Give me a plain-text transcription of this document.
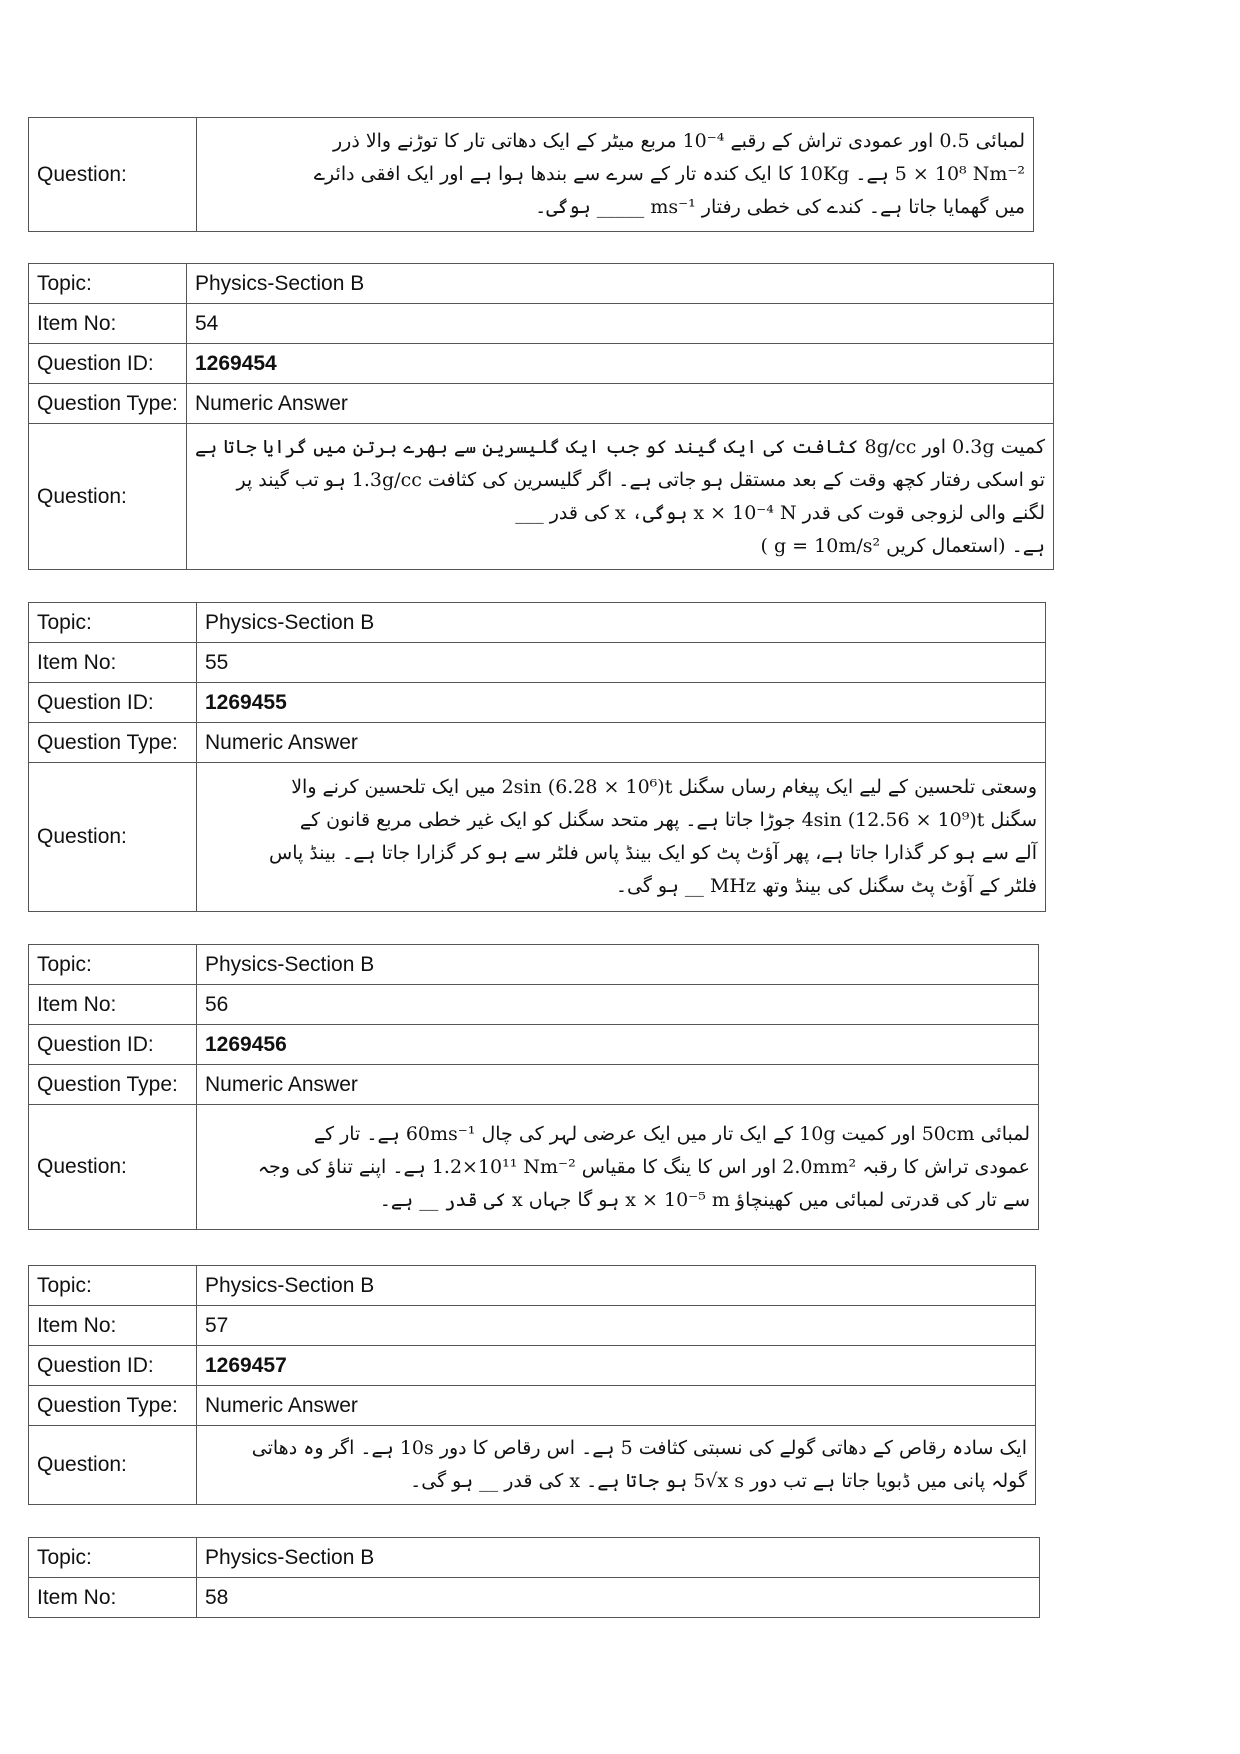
Question:	
لمبائی 0.5 اور عمودی تراش کے رقبے ‎10⁻⁴‎ مربع میٹر کے ایک دھاتی تار کا توڑنے والا ذرر
‎5 × 10⁸ Nm⁻²‎ ہے۔ ‎10Kg‎ کا ایک کندہ تار کے سرے سے بندھا ہوا ہے اور ایک افقی دائرے
میں گھمایا جاتا ہے۔ کندے کی خطی رفتار ‎ms⁻¹‎ _____ ہوگی۔
Topic:	Physics-Section B
Item No:	54
Question ID:	1269454
Question Type:	Numeric Answer
Question:	کمیت ‎0.3g‎ اور ‎8g/cc‎ کثافت کی ایک گیند کو جب ایک گلیسرین سے بھرے برتن میں گرایا جاتا ہے
تو اسکی رفتار کچھ وقت کے بعد مستقل ہو جاتی ہے۔ اگر گلیسرین کی کثافت ‎1.3g/cc‎ ہو تب گیند پر
لگنے والی لزوجی قوت کی قدر ‎x × 10⁻⁴ N‎ ہوگی، ‎x‎ کی قدر ___
ہے۔ (استعمال کریں ‎g = 10m/s²‎ )
Topic:	Physics-Section B
Item No:	55
Question ID:	1269455
Question Type:	Numeric Answer
Question:	وسعتی تلحسین کے لیے ایک پیغام رساں سگنل ‎2sin (6.28 × 10⁶)t‎ میں ایک تلحسین کرنے والا
سگنل ‎4sin (12.56 × 10⁹)t‎ جوڑا جاتا ہے۔ پھر متحد سگنل کو ایک غیر خطی مربع قانون کے
آلے سے ہو کر گذارا جاتا ہے، پھر آؤٹ پٹ کو ایک بینڈ پاس فلٹر سے ہو کر گزارا جاتا ہے۔ بینڈ پاس
فلٹر کے آؤٹ پٹ سگنل کی بینڈ وتھ ‎MHz‎ __ ہو گی۔
Topic:	Physics-Section B
Item No:	56
Question ID:	1269456
Question Type:	Numeric Answer
Question:	لمبائی ‎50cm‎ اور کمیت ‎10g‎ کے ایک تار میں ایک عرضی لہر کی چال ‎60ms⁻¹‎ ہے۔ تار کے
عمودی تراش کا رقبہ ‎2.0mm²‎ اور اس کا ینگ کا مقیاس ‎1.2×10¹¹ Nm⁻²‎ ہے۔ اپنے تناؤ کی وجہ
سے تار کی قدرتی لمبائی میں کھینچاؤ ‎x × 10⁻⁵ m‎ ہو گا جہاں ‎x‎ کی قدر __ ہے۔
Topic:	Physics-Section B
Item No:	57
Question ID:	1269457
Question Type:	Numeric Answer
Question:	ایک سادہ رقاص کے دھاتی گولے کی نسبتی کثافت 5 ہے۔ اس رقاص کا دور ‎10s‎ ہے۔ اگر وہ دھاتی
گولہ پانی میں ڈبویا جاتا ہے تب دور ‎5√x s‎ ہو جاتا ہے۔ ‎x‎ کی قدر __ ہو گی۔
Topic:	Physics-Section B
Item No:	58
